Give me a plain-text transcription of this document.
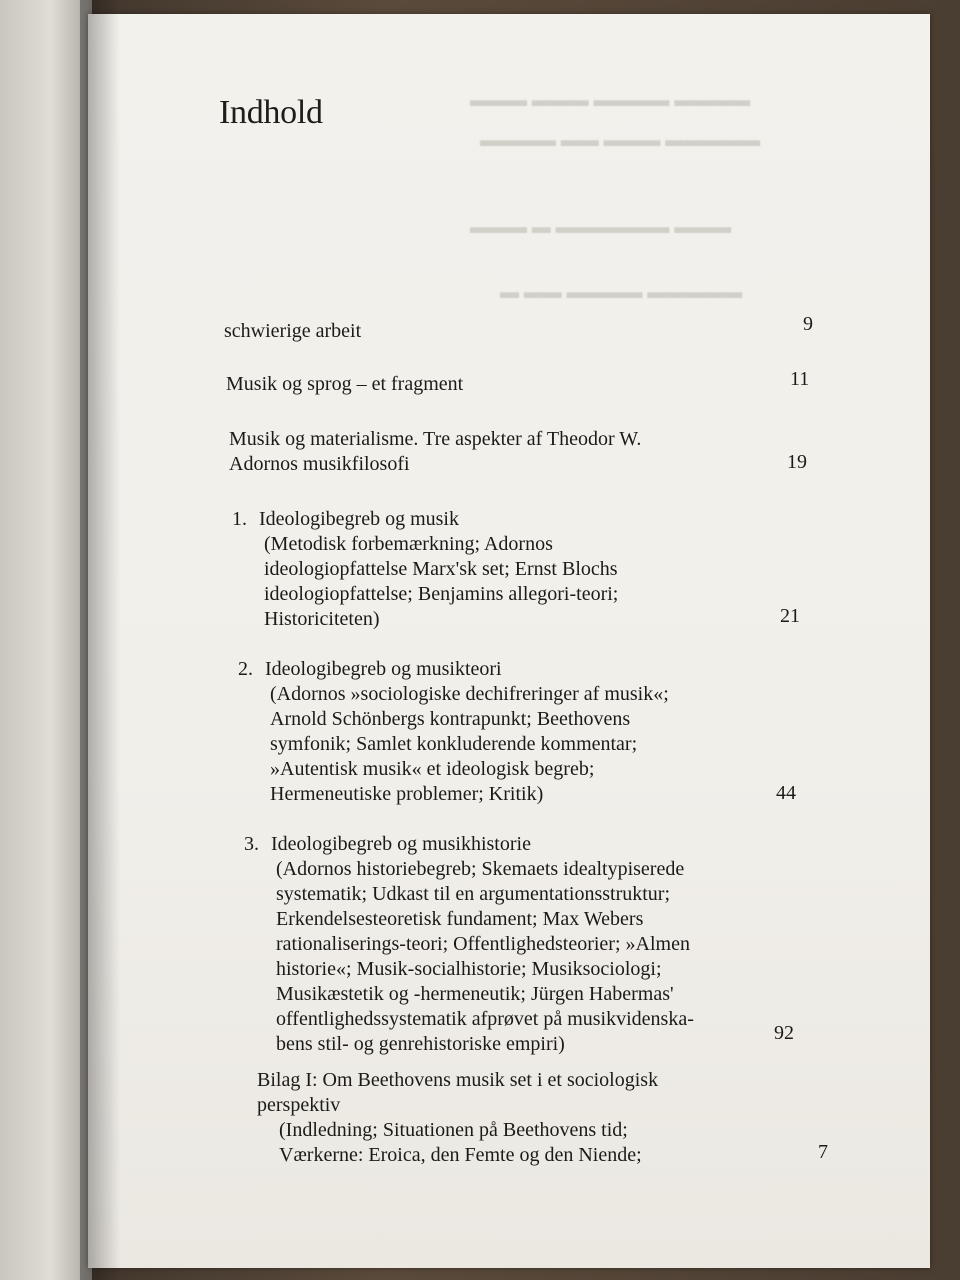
▬▬▬▬ ▬▬▬▬ ▬▬▬ ▬▬▬
▬▬▬▬▬ ▬▬▬ ▬▬ ▬▬▬▬
▬▬▬ ▬▬▬▬▬▬ ▬ ▬▬▬
▬▬▬▬▬ ▬▬▬▬ ▬▬ ▬
Indhold
schwierige arbeit	9
Musik og sprog – et fragment	11
Musik og materialisme. Tre aspekter af Theodor W.
Adornos musikfilosofi	19
1. Ideologibegreb og musik
(Metodisk forbemærkning; Adornos
ideologiopfattelse Marx'sk set; Ernst Blochs
ideologiopfattelse; Benjamins allegori-teori;
Historiciteten)	21
2. Ideologibegreb og musikteori
(Adornos »sociologiske dechifreringer af musik«;
Arnold Schönbergs kontrapunkt; Beethovens
symfonik; Samlet konkluderende kommentar;
»Autentisk musik« et ideologisk begreb;
Hermeneutiske problemer; Kritik)	44
3. Ideologibegreb og musikhistorie
(Adornos historiebegreb; Skemaets idealtypiserede
systematik; Udkast til en argumentationsstruktur;
Erkendelsesteoretisk fundament; Max Webers
rationaliserings-teori; Offentlighedsteorier; »Almen
historie«; Musik-socialhistorie; Musiksociologi;
Musikæstetik og -hermeneutik; Jürgen Habermas'
offentlighedssystematik afprøvet på musikvidenska-
bens stil- og genrehistoriske empiri)	92
Bilag I: Om Beethovens musik set i et sociologisk
perspektiv
(Indledning; Situationen på Beethovens tid;
Værkerne: Eroica, den Femte og den Niende;	7
